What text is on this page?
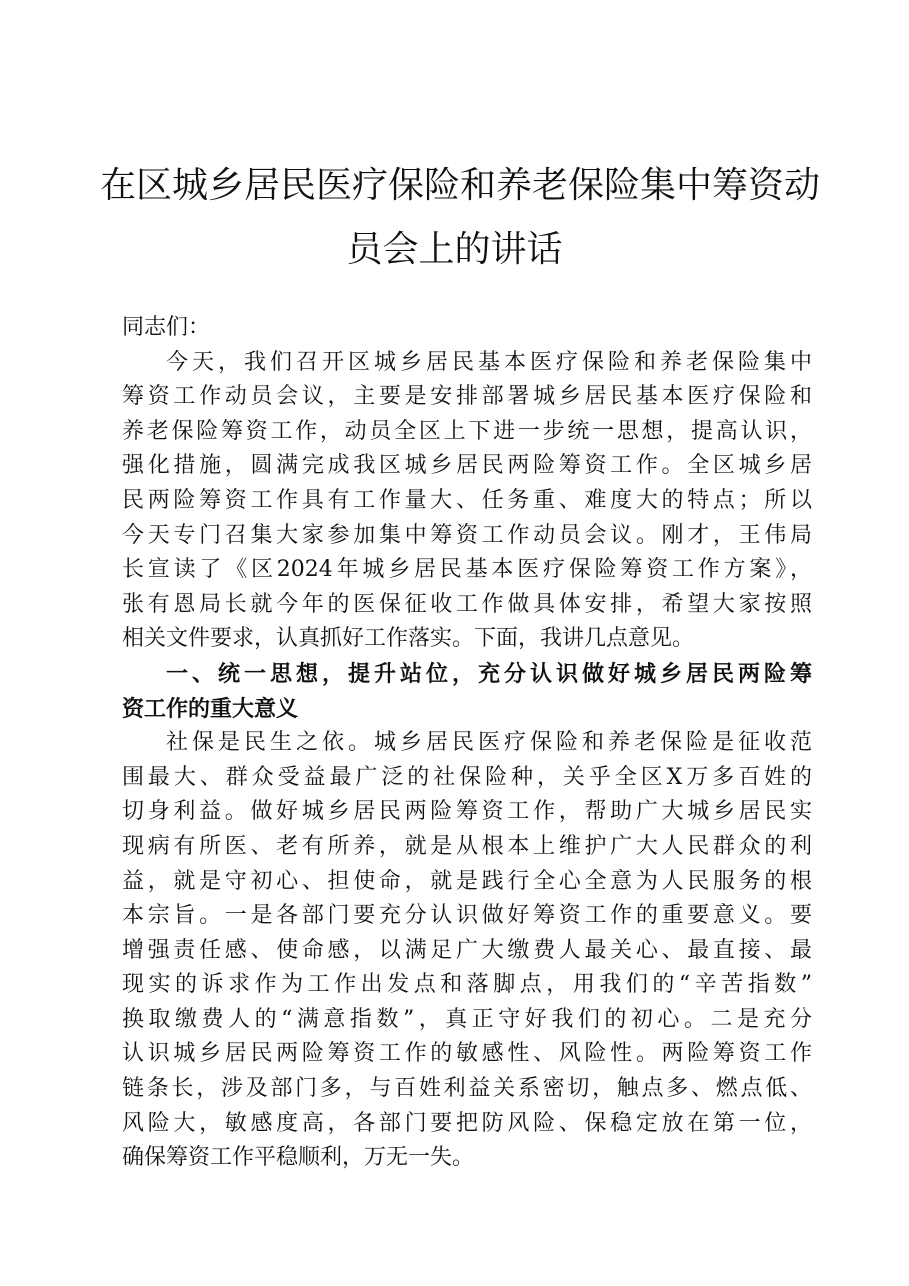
在区城乡居民医疗保险和养老保险集中筹资动
员会上的讲话
同志们：
今天，我们召开区城乡居民基本医疗保险和养老保险集中
筹资工作动员会议，主要是安排部署城乡居民基本医疗保险和
养老保险筹资工作，动员全区上下进一步统一思想，提高认识，
强化措施，圆满完成我区城乡居民两险筹资工作。全区城乡居
民两险筹资工作具有工作量大、任务重、难度大的特点；所以
今天专门召集大家参加集中筹资工作动员会议。刚才，王伟局
长宣读了《区2024年城乡居民基本医疗保险筹资工作方案》，
张有恩局长就今年的医保征收工作做具体安排，希望大家按照
相关文件要求，认真抓好工作落实。下面，我讲几点意见。
一、统一思想，提升站位，充分认识做好城乡居民两险筹
资工作的重大意义
社保是民生之依。城乡居民医疗保险和养老保险是征收范
围最大、群众受益最广泛的社保险种，关乎全区X万多百姓的
切身利益。做好城乡居民两险筹资工作，帮助广大城乡居民实
现病有所医、老有所养，就是从根本上维护广大人民群众的利
益，就是守初心、担使命，就是践行全心全意为人民服务的根
本宗旨。一是各部门要充分认识做好筹资工作的重要意义。要
增强责任感、使命感，以满足广大缴费人最关心、最直接、最
现实的诉求作为工作出发点和落脚点，用我们的“辛苦指数”
换取缴费人的“满意指数”，真正守好我们的初心。二是充分
认识城乡居民两险筹资工作的敏感性、风险性。两险筹资工作
链条长，涉及部门多，与百姓利益关系密切，触点多、燃点低、
风险大，敏感度高，各部门要把防风险、保稳定放在第一位，
确保筹资工作平稳顺利，万无一失。
